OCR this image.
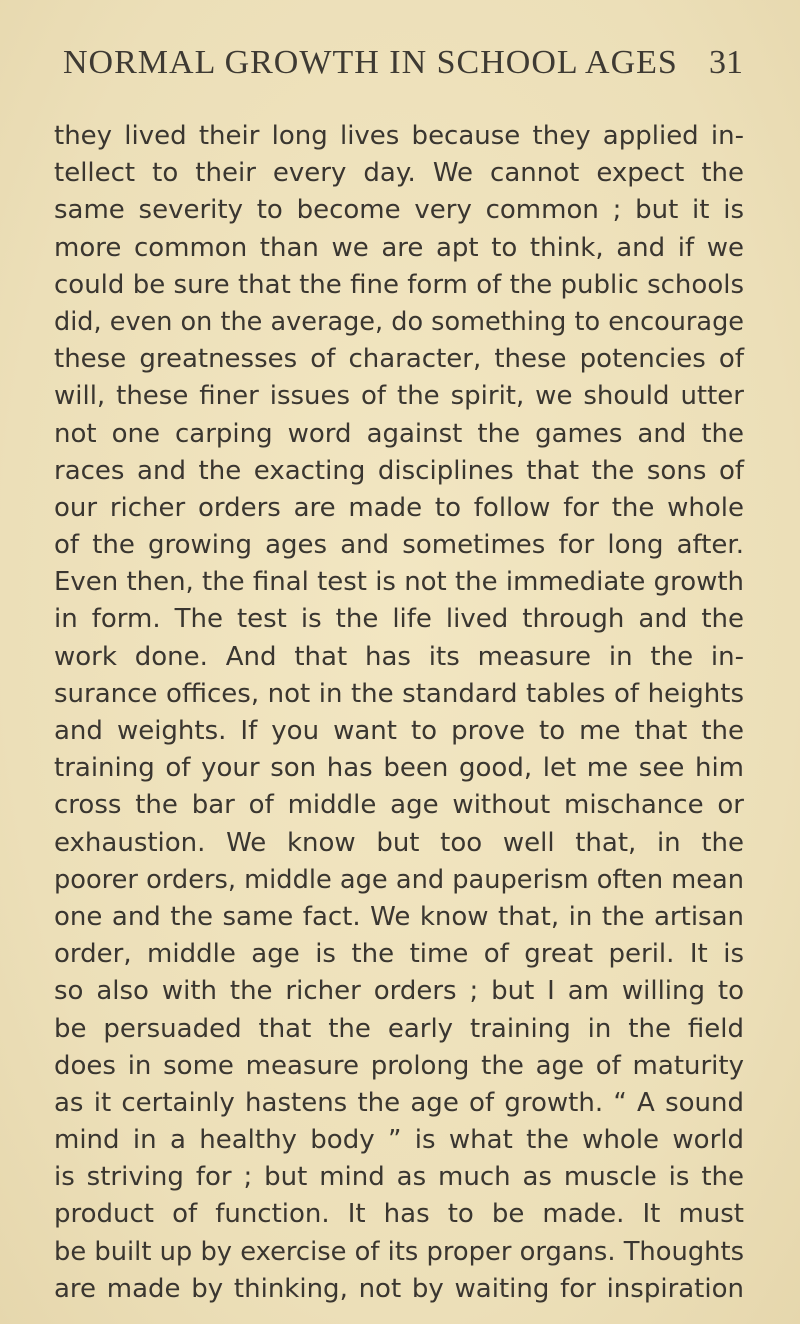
NORMAL GROWTH IN SCHOOL AGES 31
they lived their long lives because they applied in-
tellect to their every day. We cannot expect the
same severity to become very common ; but it is
more common than we are apt to think, and if we
could be sure that the fine form of the public schools
did, even on the average, do something to encourage
these greatnesses of character, these potencies of
will, these finer issues of the spirit, we should utter
not one carping word against the games and the
races and the exacting disciplines that the sons of
our richer orders are made to follow for the whole
of the growing ages and sometimes for long after.
Even then, the final test is not the immediate growth
in form. The test is the life lived through and the
work done. And that has its measure in the in-
surance offices, not in the standard tables of heights
and weights. If you want to prove to me that the
training of your son has been good, let me see him
cross the bar of middle age without mischance or
exhaustion. We know but too well that, in the
poorer orders, middle age and pauperism often mean
one and the same fact. We know that, in the artisan
order, middle age is the time of great peril. It is
so also with the richer orders ; but I am willing to
be persuaded that the early training in the field
does in some measure prolong the age of maturity
as it certainly hastens the age of growth. “ A sound
mind in a healthy body ” is what the whole world
is striving for ; but mind as much as muscle is the
product of function. It has to be made. It must
be built up by exercise of its proper organs. Thoughts
are made by thinking, not by waiting for inspiration
